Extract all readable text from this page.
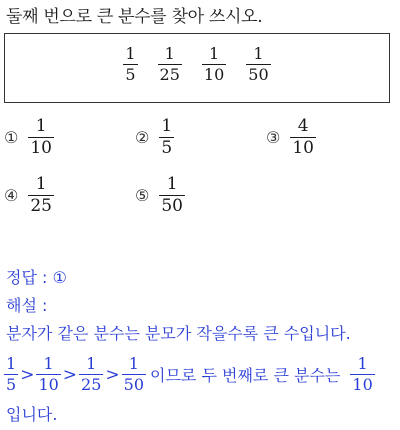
둘째 번으로 큰 분수를 찾아 쓰시오.
$\frac{1}{5} \frac{1}{25} \frac{1}{10} \frac{1}{50}$
① $\frac{1}{10}$	② $\frac{1}{5}$	③ $\frac{4}{10}$
④ $\frac{1}{25}$	⑤ $\frac{1}{50}$
정답 : ①
해설 :
분자가 같은 분수는 분모가 작을수록 큰 수입니다.
$\frac{1}{5} > \frac{1}{10} > \frac{1}{25} > \frac{1}{50}$ 이므로 두 번째로 큰 분수는 $\frac{1}{10}$
입니다.
